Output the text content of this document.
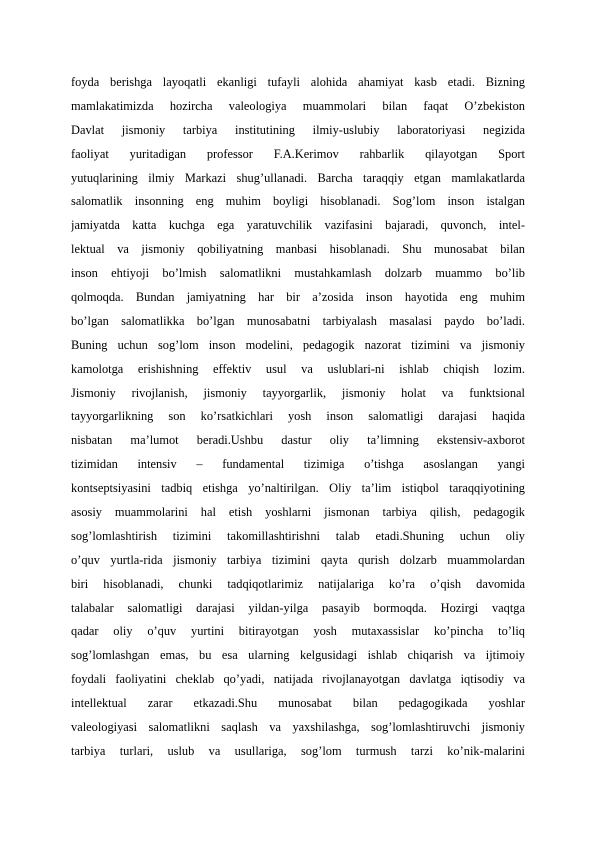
foyda berishga layoqatli ekanligi tufayli alohida ahamiyat kasb etadi. Bizning
mamlakatimizda hozircha valeologiya muammolari bilan faqat O’zbekiston
Davlat jismoniy tarbiya institutining ilmiy-uslubiy laboratoriyasi negizida
faoliyat yuritadigan professor F.A.Kerimov rahbarlik qilayotgan Sport
yutuqlarining ilmiy Markazi shug’ullanadi. Barcha taraqqiy etgan mamlakatlarda
salomatlik insonning eng muhim boyligi hisoblanadi. Sog’lom inson istalgan
jamiyatda katta kuchga ega yaratuvchilik vazifasini bajaradi, quvonch, intel-
lektual va jismoniy qobiliyatning manbasi hisoblanadi. Shu munosabat bilan
inson ehtiyoji bo’lmish salomatlikni mustahkamlash dolzarb muammo bo’lib
qolmoqda. Bundan jamiyatning har bir a’zosida inson hayotida eng muhim
bo’lgan salomatlikka bo’lgan munosabatni tarbiyalash masalasi paydo bo’ladi.
Buning uchun sog’lom inson modelini, pedagogik nazorat tizimini va jismoniy
kamolotga erishishning effektiv usul va uslublari-ni ishlab chiqish lozim.
Jismoniy rivojlanish, jismoniy tayyorgarlik, jismoniy holat va funktsional
tayyorgarlikning son ko’rsatkichlari yosh inson salomatligi darajasi haqida
nisbatan ma’lumot beradi.Ushbu dastur oliy ta’limning ekstensiv-axborot
tizimidan intensiv – fundamental tizimiga o’tishga asoslangan yangi
kontseptsiyasini tadbiq etishga yo’naltirilgan. Oliy ta’lim istiqbol taraqqiyotining
asosiy muammolarini hal etish yoshlarni jismonan tarbiya qilish, pedagogik
sog’lomlashtirish tizimini takomillashtirishni talab etadi.Shuning uchun oliy
o’quv yurtla-rida jismoniy tarbiya tizimini qayta qurish dolzarb muammolardan
biri hisoblanadi, chunki tadqiqotlarimiz natijalariga ko’ra o’qish davomida
talabalar salomatligi darajasi yildan-yilga pasayib bormoqda. Hozirgi vaqtga
qadar oliy o’quv yurtini bitirayotgan yosh mutaxassislar ko’pincha to’liq
sog’lomlashgan emas, bu esa ularning kelgusidagi ishlab chiqarish va ijtimoiy
foydali faoliyatini cheklab qo’yadi, natijada rivojlanayotgan davlatga iqtisodiy va
intellektual zarar etkazadi.Shu munosabat bilan pedagogikada yoshlar
valeologiyasi salomatlikni saqlash va yaxshilashga, sog’lomlashtiruvchi jismoniy
tarbiya turlari, uslub va usullariga, sog’lom turmush tarzi ko’nik-malarini
